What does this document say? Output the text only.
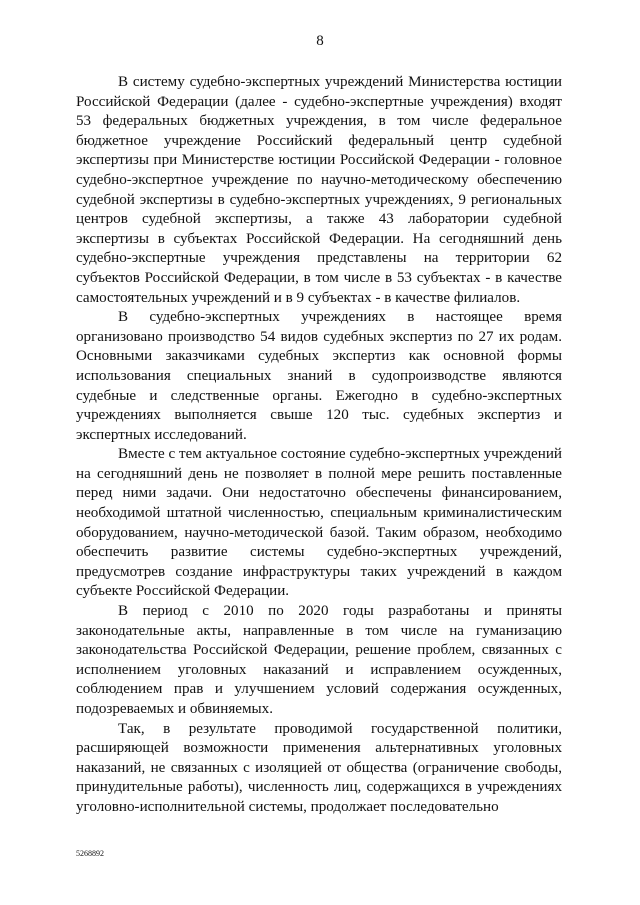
8

В систему судебно-экспертных учреждений Министерства юстиции Российской Федерации (далее - судебно-экспертные учреждения) входят 53 федеральных бюджетных учреждения, в том числе федеральное бюджетное учреждение Российский федеральный центр судебной экспертизы при Министерстве юстиции Российской Федерации - головное судебно-экспертное учреждение по научно-методическому обеспечению судебной экспертизы в судебно-экспертных учреждениях, 9 региональных центров судебной экспертизы, а также 43 лаборатории судебной экспертизы в субъектах Российской Федерации. На сегодняшний день судебно-экспертные учреждения представлены на территории 62 субъектов Российской Федерации, в том числе в 53 субъектах - в качестве самостоятельных учреждений и в 9 субъектах - в качестве филиалов.

В судебно-экспертных учреждениях в настоящее время организовано производство 54 видов судебных экспертиз по 27 их родам. Основными заказчиками судебных экспертиз как основной формы использования специальных знаний в судопроизводстве являются судебные и следственные органы. Ежегодно в судебно-экспертных учреждениях выполняется свыше 120 тыс. судебных экспертиз и экспертных исследований.

Вместе с тем актуальное состояние судебно-экспертных учреждений на сегодняшний день не позволяет в полной мере решить поставленные перед ними задачи. Они недостаточно обеспечены финансированием, необходимой штатной численностью, специальным криминалистическим оборудованием, научно-методической базой. Таким образом, необходимо обеспечить развитие системы судебно-экспертных учреждений, предусмотрев создание инфраструктуры таких учреждений в каждом субъекте Российской Федерации.

В период с 2010 по 2020 годы разработаны и приняты законодательные акты, направленные в том числе на гуманизацию законодательства Российской Федерации, решение проблем, связанных с исполнением уголовных наказаний и исправлением осужденных, соблюдением прав и улучшением условий содержания осужденных, подозреваемых и обвиняемых.

Так, в результате проводимой государственной политики, расширяющей возможности применения альтернативных уголовных наказаний, не связанных с изоляцией от общества (ограничение свободы, принудительные работы), численность лиц, содержащихся в учреждениях уголовно-исполнительной системы, продолжает последовательно

5268892
